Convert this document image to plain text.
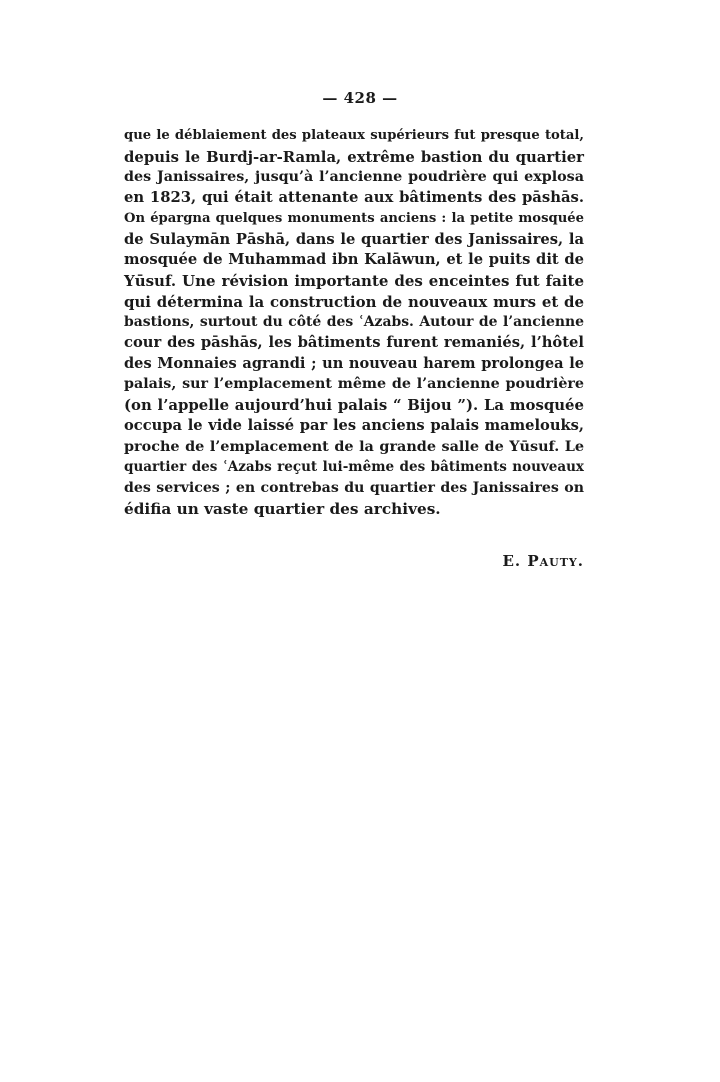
— 428 —
que le déblaiement des plateaux supérieurs fut presque total,
depuis le Burdj-ar-Ramla, extrême bastion du quartier
des Janissaires, jusqu’à l’ancienne poudrière qui explosa
en 1823, qui était attenante aux bâtiments des pāshās.
On épargna quelques monuments anciens : la petite mosquée
de Sulaymān Pāshā, dans le quartier des Janissaires, la
mosquée de Muhammad ibn Kalāwun, et le puits dit de
Yūsuf. Une révision importante des enceintes fut faite
qui détermina la construction de nouveaux murs et de
bastions, surtout du côté des ʿAzabs. Autour de l’ancienne
cour des pāshās, les bâtiments furent remaniés, l’hôtel
des Monnaies agrandi ; un nouveau harem prolongea le
palais, sur l’emplacement même de l’ancienne poudrière
(on l’appelle aujourd’hui palais “ Bijou ”). La mosquée
occupa le vide laissé par les anciens palais mamelouks,
proche de l’emplacement de la grande salle de Yūsuf. Le
quartier des ʿAzabs reçut lui-même des bâtiments nouveaux
des services ; en contrebas du quartier des Janissaires on
édifia un vaste quartier des archives.
E. Pauty.
